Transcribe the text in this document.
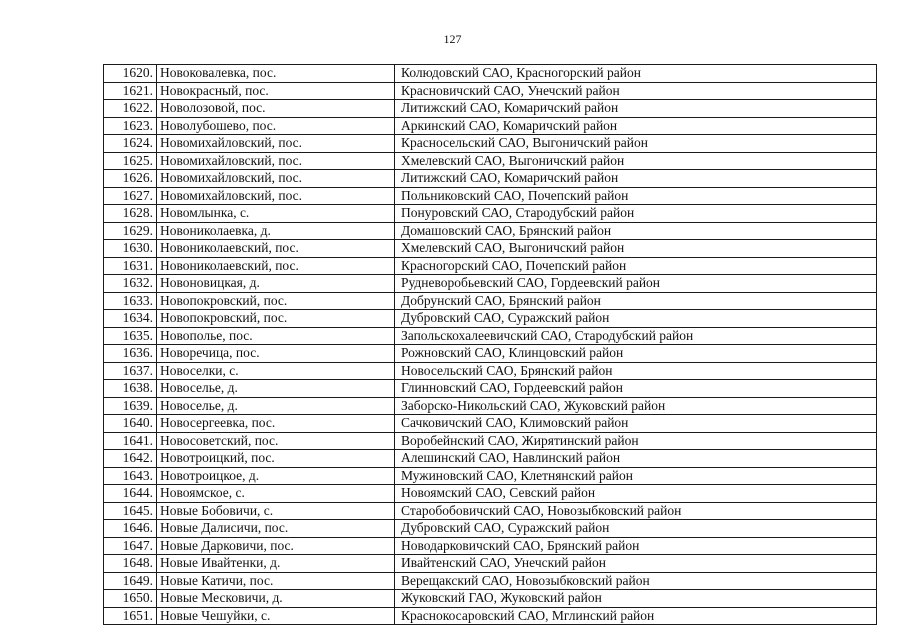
127
1620.	Новоковалевка, пос.	Колюдовский САО, Красногорский район
1621.	Новокрасный, пос.	Красновичский САО, Унечский район
1622.	Новолозовой, пос.	Литижский САО, Комаричский район
1623.	Новолубошево, пос.	Аркинский САО, Комаричский район
1624.	Новомихайловский, пос.	Красносельский САО, Выгоничский район
1625.	Новомихайловский, пос.	Хмелевский САО, Выгоничский район
1626.	Новомихайловский, пос.	Литижский САО, Комаричский район
1627.	Новомихайловский, пос.	Польниковский САО, Почепский район
1628.	Новомлынка, с.	Понуровский САО, Стародубский район
1629.	Новониколаевка, д.	Домашовский САО, Брянский район
1630.	Новониколаевский, пос.	Хмелевский САО, Выгоничский район
1631.	Новониколаевский, пос.	Красногорский САО, Почепский район
1632.	Новоновицкая, д.	Рудневоробьевский САО, Гордеевский район
1633.	Новопокровский, пос.	Добрунский САО, Брянский район
1634.	Новопокровский, пос.	Дубровский САО, Суражский район
1635.	Новополье, пос.	Запольскохалеевичский САО, Стародубский район
1636.	Новоречица, пос.	Рожновский САО, Клинцовский район
1637.	Новоселки, с.	Новосельский САО, Брянский район
1638.	Новоселье, д.	Глинновский САО, Гордеевский район
1639.	Новоселье, д.	Заборско-Никольский САО, Жуковский район
1640.	Новосергеевка, пос.	Сачковичский САО, Климовский район
1641.	Новосоветский, пос.	Воробейнский САО, Жирятинский район
1642.	Новотроицкий, пос.	Алешинский САО, Навлинский район
1643.	Новотроицкое, д.	Мужиновский САО, Клетнянский район
1644.	Новоямское, с.	Новоямский САО, Севский район
1645.	Новые Бобовичи, с.	Старобобовичский САО, Новозыбковский район
1646.	Новые Далисичи, пос.	Дубровский САО, Суражский район
1647.	Новые Дарковичи, пос.	Новодарковичский САО, Брянский район
1648.	Новые Ивайтенки, д.	Ивайтенский САО, Унечский район
1649.	Новые Катичи, пос.	Верещакский САО, Новозыбковский район
1650.	Новые Месковичи, д.	Жуковский ГАО, Жуковский район
1651.	Новые Чешуйки, с.	Краснокосаровский САО, Мглинский район
